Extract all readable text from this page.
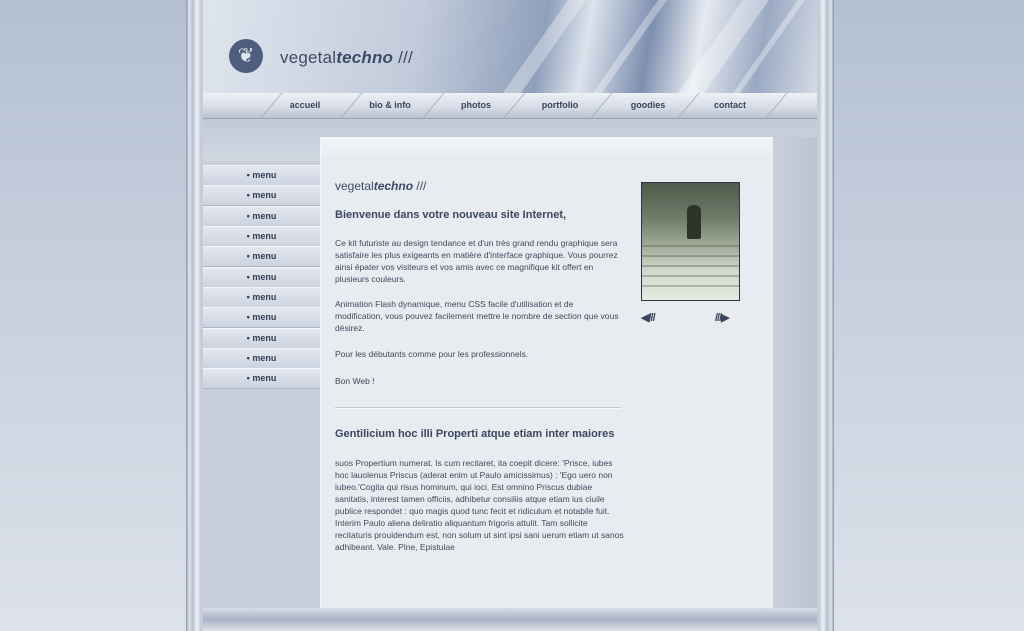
❦	vegetaltechno ///
accueil	bio & info	photos	portfolio	goodies	contact
• menu
• menu
• menu
• menu
• menu
• menu
• menu
• menu
• menu
• menu
• menu
vegetaltechno ///
Bienvenue dans votre nouveau site Internet,
Ce kit futuriste au design tendance et d'un très grand rendu graphique sera satisfaire les plus exigeants en matière d'interface graphique. Vous pourrez ainsi épater vos visiteurs et vos amis avec ce magnifique kit offert en plusieurs couleurs.
Animation Flash dynamique, menu CSS facile d'utilisation et de modification, vous pouvez facilement mettre le nombre de section que vous désirez.
Pour les débutants comme pour les professionnels.
Bon Web !
Gentilicium hoc illi Properti atque etiam inter maiores
suos Propertium numerat. Is cum recitaret, ita coepit dicere: 'Prisce, iubes hoc lauolenus Priscus (aderat enim ut Paulo amicissimus) : 'Ego uero non iubeo.'Cogita qui risus hominum, qui ioci. Est omnino Priscus dubiae sanitatis, interest tamen officiis, adhibetur consiliis atque etiam ius ciuile publice respondet : quo magis quod tunc fecit et ridiculum et notabile fuit. Interim Paulo aliena deliratio aliquantum frigoris attulit. Tam sollicite recitaturis prouidendum est, non solum ut sint ipsi sani uerum etiam ut sanos adhibeant. Vale. Plne, Epistulae
◀///	///▶
